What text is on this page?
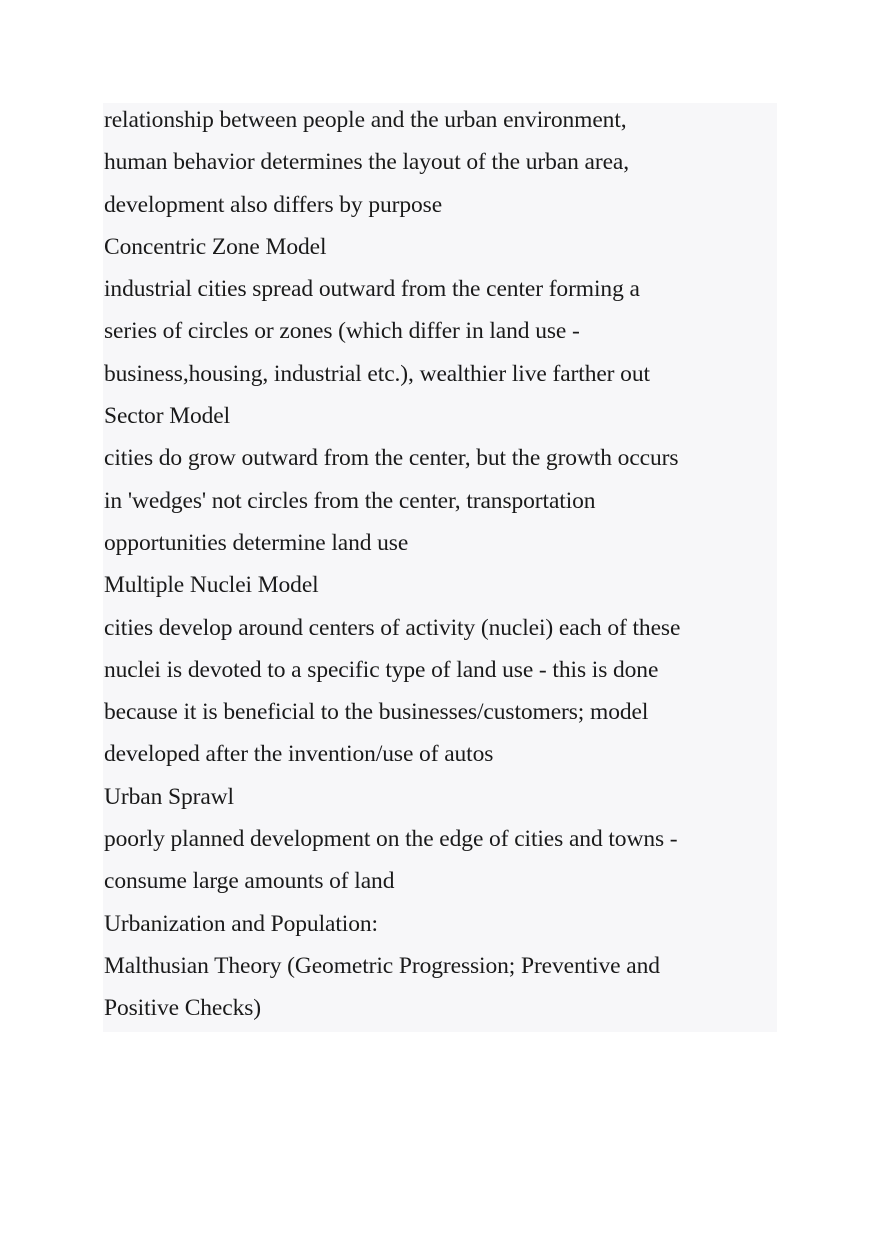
relationship between people and the urban environment,
human behavior determines the layout of the urban area,
development also differs by purpose
Concentric Zone Model
industrial cities spread outward from the center forming a
series of circles or zones (which differ in land use -
business,housing, industrial etc.), wealthier live farther out
Sector Model
cities do grow outward from the center, but the growth occurs
in 'wedges' not circles from the center, transportation
opportunities determine land use
Multiple Nuclei Model
cities develop around centers of activity (nuclei) each of these
nuclei is devoted to a specific type of land use - this is done
because it is beneficial to the businesses/customers; model
developed after the invention/use of autos
Urban Sprawl
poorly planned development on the edge of cities and towns -
consume large amounts of land
Urbanization and Population:
Malthusian Theory (Geometric Progression; Preventive and
Positive Checks)
